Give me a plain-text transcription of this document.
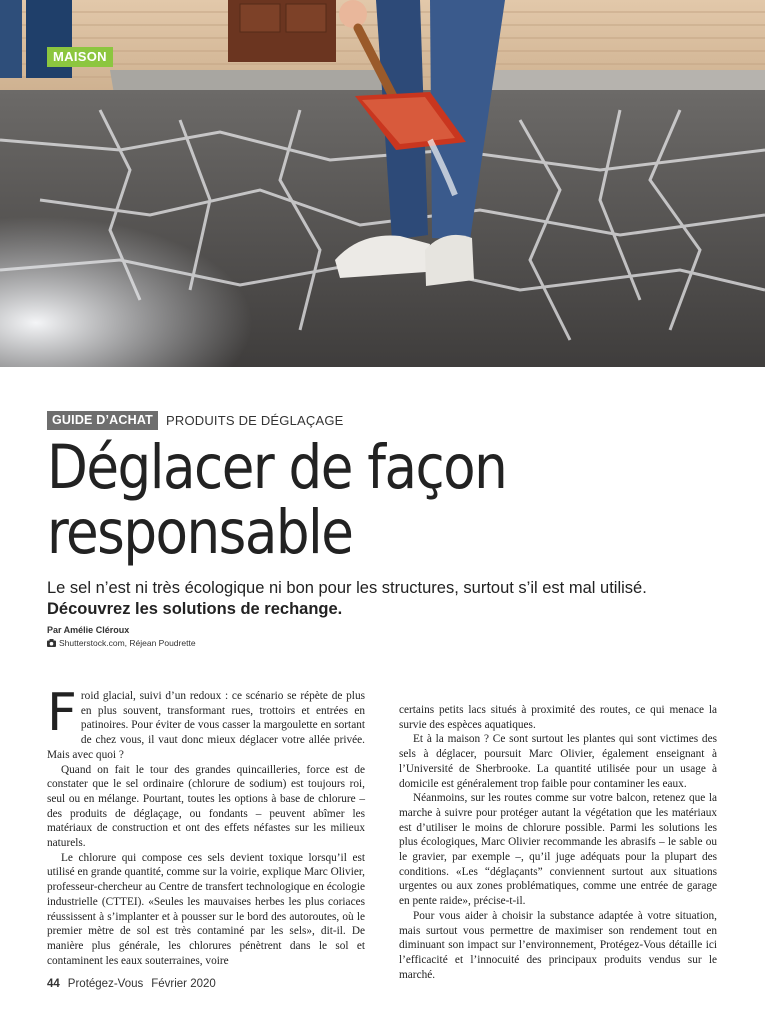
MAISON
GUIDE D’ACHAT	PRODUITS DE DÉGLAÇAGE
Déglacer de façon
responsable
Le sel n’est ni très écologique ni bon pour les structures, surtout s’il est mal utilisé.
Découvrez les solutions de rechange.
Par Amélie Cléroux
Shutterstock.com, Réjean Poudrette

Froid glacial, suivi d’un redoux : ce scénario se répète de plus en plus souvent, transformant rues, trottoirs et entrées en patinoires. Pour éviter de vous casser la margoulette en sortant de chez vous, il vaut donc mieux déglacer votre allée privée. Mais avec quoi ?

Quand on fait le tour des grandes quincailleries, force est de constater que le sel ordinaire (chlorure de sodium) est toujours roi, seul ou en mélange. Pourtant, toutes les options à base de chlorure – des produits de déglaçage, ou fondants – peuvent abîmer les matériaux de construction et ont des effets néfastes sur les milieux naturels.

Le chlorure qui compose ces sels devient toxique lorsqu’il est utilisé en grande quantité, comme sur la voirie, explique Marc Olivier, professeur-chercheur au Centre de transfert technologique en écologie industrielle (CTTEI). «Seules les mauvaises herbes les plus coriaces réussissent à s’implanter et à pousser sur le bord des autoroutes, où le premier mètre de sol est très contaminé par les sels», dit-il. De manière plus générale, les chlorures pénètrent dans le sol et contaminent les eaux souterraines, voire

certains petits lacs situés à proximité des routes, ce qui menace la survie des espèces aquatiques.

Et à la maison ? Ce sont surtout les plantes qui sont victimes des sels à déglacer, poursuit Marc Olivier, également enseignant à l’Université de Sherbrooke. La quantité utilisée pour un usage à domicile est généralement trop faible pour contaminer les eaux.

Néanmoins, sur les routes comme sur votre balcon, retenez que la marche à suivre pour protéger autant la végétation que les matériaux est d’utiliser le moins de chlorure possible. Parmi les solutions les plus écologiques, Marc Olivier recommande les abrasifs – le sable ou le gravier, par exemple –, qu’il juge adéquats pour la plupart des conditions. «Les “déglaçants” conviennent surtout aux situations urgentes ou aux zones problématiques, comme une entrée de garage en pente raide», précise-t-il.

Pour vous aider à choisir la substance adaptée à votre situation, mais surtout vous permettre de maximiser son rendement tout en diminuant son impact sur l’environnement, Protégez-Vous détaille ici l’efficacité et l’innocuité des principaux produits vendus sur le marché.

44 Protégez-Vous Février 2020
